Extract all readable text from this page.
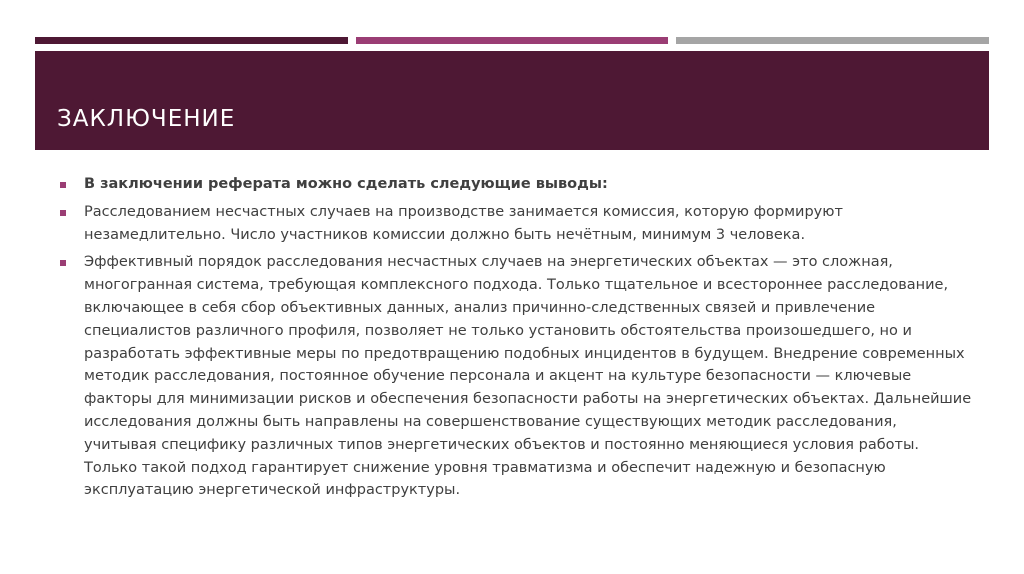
ЗАКЛЮЧЕНИЕ
В заключении реферата можно сделать следующие выводы:
Расследованием несчастных случаев на производстве занимается комиссия, которую формируют незамедлительно. Число участников комиссии должно быть нечётным, минимум 3 человека.
Эффективный порядок расследования несчастных случаев на энергетических объектах — это сложная, многогранная система, требующая комплексного подхода. Только тщательное и всестороннее расследование, включающее в себя сбор объективных данных, анализ причинно-следственных связей и привлечение специалистов различного профиля, позволяет не только установить обстоятельства произошедшего, но и разработать эффективные меры по предотвращению подобных инцидентов в будущем. Внедрение современных методик расследования, постоянное обучение персонала и акцент на культуре безопасности — ключевые факторы для минимизации рисков и обеспечения безопасности работы на энергетических объектах. Дальнейшие исследования должны быть направлены на совершенствование существующих методик расследования, учитывая специфику различных типов энергетических объектов и постоянно меняющиеся условия работы. Только такой подход гарантирует снижение уровня травматизма и обеспечит надежную и безопасную эксплуатацию энергетической инфраструктуры.
